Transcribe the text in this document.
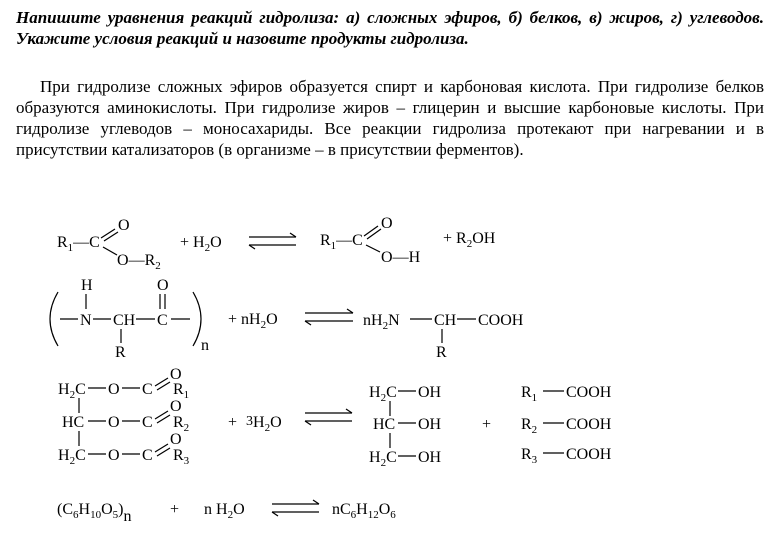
Напишите уравнения реакций гидролиза: а) сложных эфиров, б) белков, в) жиров, г) углеводов. Укажите условия реакций и назовите продукты гидролиза.
При гидролизе сложных эфиров образуется спирт и карбоновая кислота. При гидролизе белков образуются аминокислоты. При гидролизе жиров – глицерин и высшие карбоновые кислоты. При гидролизе углеводов – моносахариды. Все реакции гидролиза протекают при нагревании и в присутствии катализаторов (в организме – в присутствии ферментов).
$R_1—C$
O
$O—R_2$
+ $H_2O$	$R_1—C$
O
O—H
+ $R_2OH$
H
N CH
R
C
O
n
+ $nH_2O$	$nH_2N$ CH
R
COOH
$H_2C$ O C
O
$R_1$
HC O C
O
$R_2$
$H_2C$ O C
O
$R_3$
+ $3H_2O$
$H_2C$ OH
HC OH
$H_2C$ OH
+
$R_1$ COOH
$R_2$ COOH
$R_3$ COOH
$(C_6H_{10}O_5)n + n$ $H_2O$	$nC_6H_{12}O_6$
